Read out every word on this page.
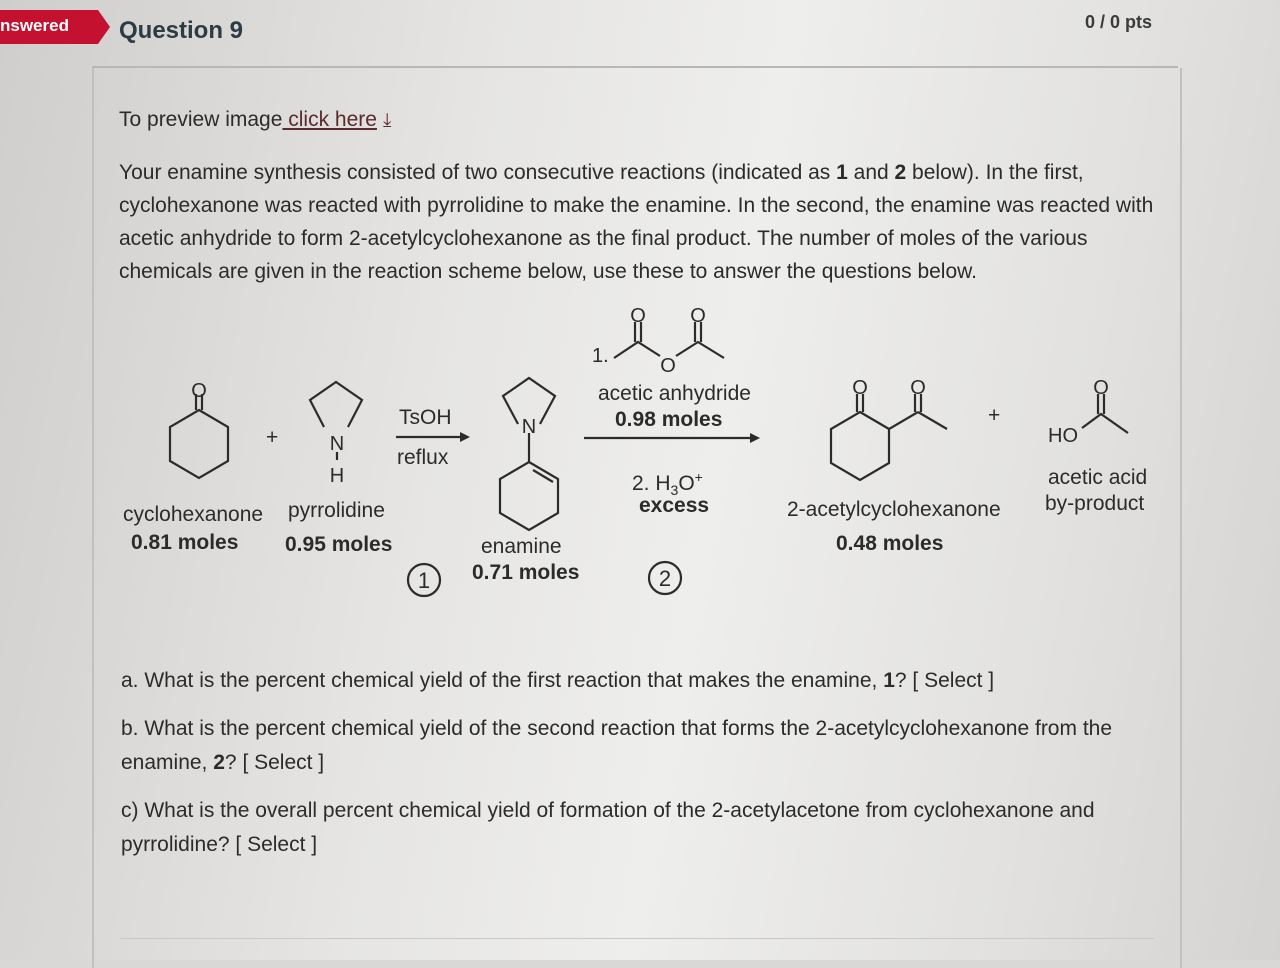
nswered Question 9	0 / 0 pts
To preview image click here ⤓
Your enamine synthesis consisted of two consecutive reactions (indicated as 1 and 2 below). In the first, cyclohexanone was reacted with pyrrolidine to make the enamine. In the second, the enamine was reacted with acetic anhydride to form 2-acetylcyclohexanone as the final product. The number of moles of the various chemicals are given in the reaction scheme below, use these to answer the questions below.
O
N
H
N
O O
O
O O	O
HO
1	2
1.
+
+
TsOH
reflux
acetic anhydride
0.98 moles
2. $H_3O^+$
excess
cyclohexanone
0.81 moles
pyrrolidine
0.95 moles	enamine
0.71 moles
2-acetylcyclohexanone
0.48 moles
acetic acid
by-product

a. What is the percent chemical yield of the first reaction that makes the enamine, 1? [ Select ]

b. What is the percent chemical yield of the second reaction that forms the 2-acetylcyclohexanone from the enamine, 2? [ Select ]

c) What is the overall percent chemical yield of formation of the 2-acetylacetone from cyclohexanone and pyrrolidine? [ Select ]
